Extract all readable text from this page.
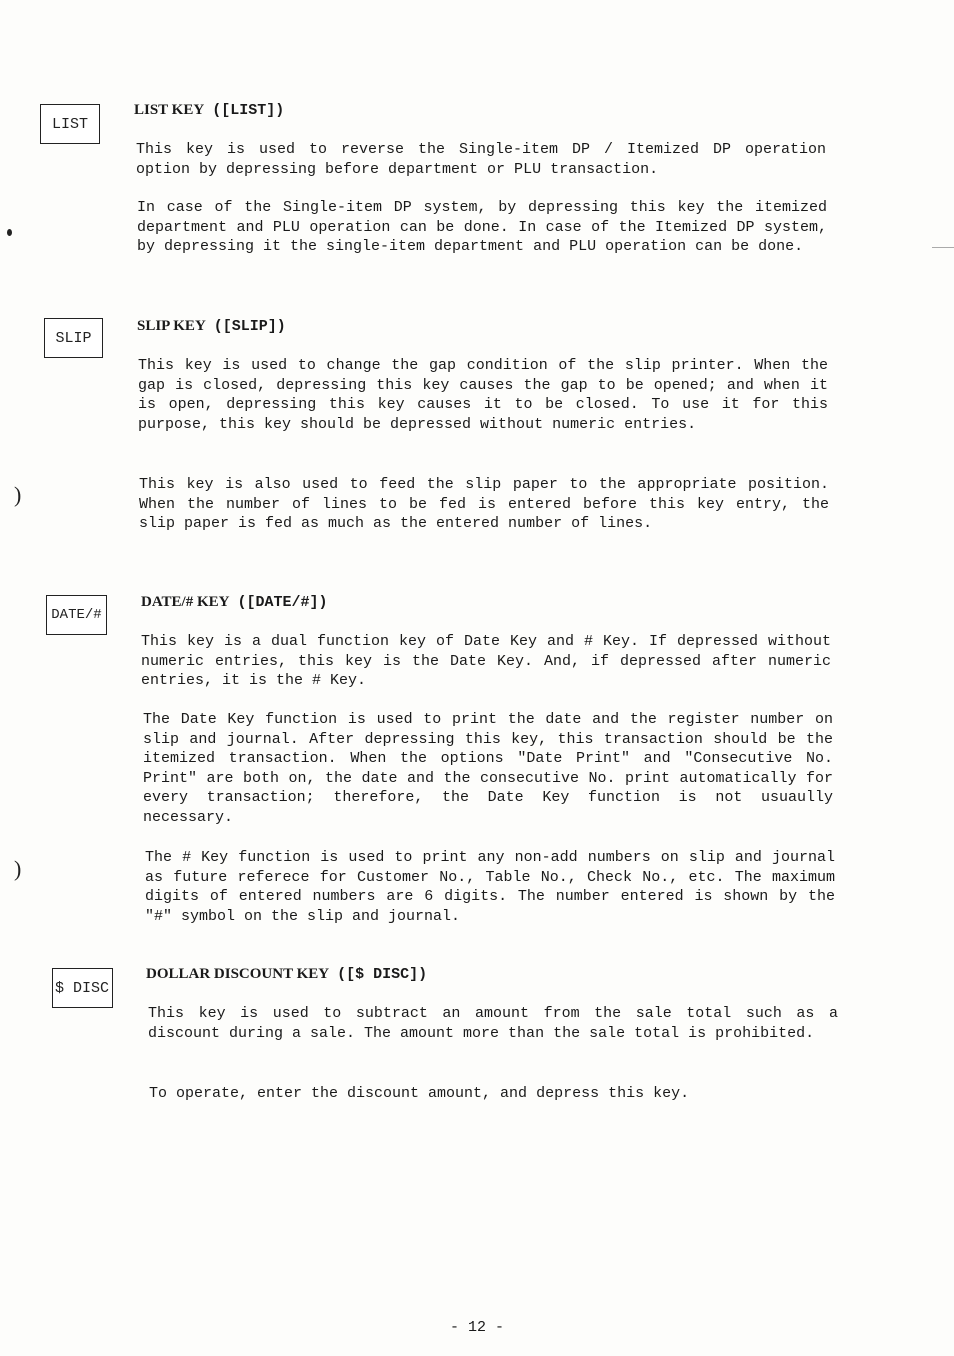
)
)
LIST
LIST KEY ([LIST])

This key is used to reverse the Single-item DP / Itemized DP operation option by depressing before department or PLU transaction.

In case of the Single-item DP system, by depressing this key the itemized department and PLU operation can be done. In case of the Itemized DP system, by depressing it the single-item department and PLU operation can be done.

SLIP
SLIP KEY ([SLIP])

This key is used to change the gap condition of the slip printer. When the gap is closed, depressing this key causes the gap to be opened; and when it is open, depressing this key causes it to be closed. To use it for this purpose, this key should be depressed without numeric entries.

This key is also used to feed the slip paper to the appropriate position. When the number of lines to be fed is entered before this key entry, the slip paper is fed as much as the entered number of lines.

DATE/#
DATE/# KEY ([DATE/#])

This key is a dual function key of Date Key and # Key. If depressed without numeric entries, this key is the Date Key. And, if depressed after numeric entries, it is the # Key.

The Date Key function is used to print the date and the register number on slip and journal. After depressing this key, this transaction should be the itemized transaction. When the options "Date Print" and "Consecutive No. Print" are both on, the date and the consecutive No. print automatically for every transaction; therefore, the Date Key function is not usuaully necessary.

The # Key function is used to print any non-add numbers on slip and journal as future referece for Customer No., Table No., Check No., etc. The maximum digits of entered numbers are 6 digits. The number entered is shown by the "#" symbol on the slip and journal.

$ DISC
DOLLAR DISCOUNT KEY ([$ DISC])

This key is used to subtract an amount from the sale total such as a discount during a sale. The amount more than the sale total is prohibited.

To operate, enter the discount amount, and depress this key.

- 12 -
